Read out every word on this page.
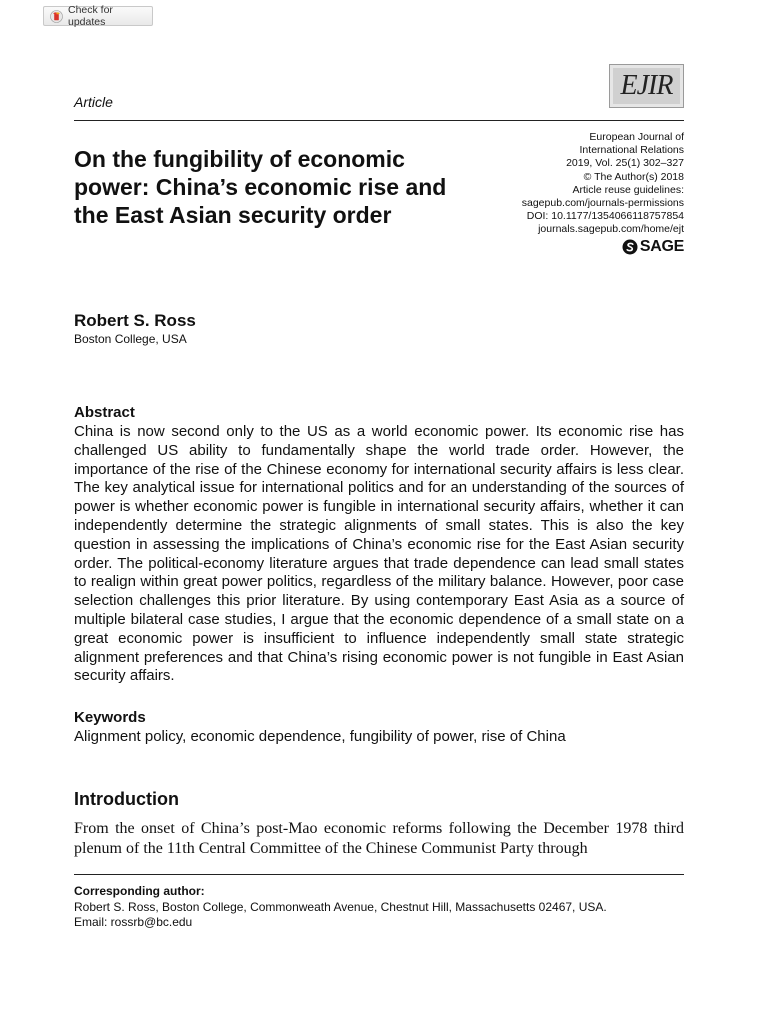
Check for updates
Article
EJIR
On the fungibility of economic power: China’s economic rise and the East Asian security order
European Journal of
International Relations
2019, Vol. 25(1) 302–327
© The Author(s) 2018
Article reuse guidelines:
sagepub.com/journals-permissions
DOI: 10.1177/1354066118757854
journals.sagepub.com/home/ejt
SAGE
Robert S. Ross
Boston College, USA
Abstract

China is now second only to the US as a world economic power. Its economic rise has challenged US ability to fundamentally shape the world trade order. However, the importance of the rise of the Chinese economy for international security affairs is less clear. The key analytical issue for international politics and for an understanding of the sources of power is whether economic power is fungible in international security affairs, whether it can independently determine the strategic alignments of small states. This is also the key question in assessing the implications of China’s economic rise for the East Asian security order. The political-economy literature argues that trade dependence can lead small states to realign within great power politics, regardless of the military balance. However, poor case selection challenges this prior literature. By using contemporary East Asia as a source of multiple bilateral case studies, I argue that the economic dependence of a small state on a great economic power is insufficient to influence independently small state strategic alignment preferences and that China’s rising economic power is not fungible in East Asian security affairs.

Keywords
Alignment policy, economic dependence, fungibility of power, rise of China
Introduction

From the onset of China’s post-Mao economic reforms following the December 1978 third plenum of the 11th Central Committee of the Chinese Communist Party through

Corresponding author:
Robert S. Ross, Boston College, Commonweath Avenue, Chestnut Hill, Massachusetts 02467, USA.
Email: rossrb@bc.edu
